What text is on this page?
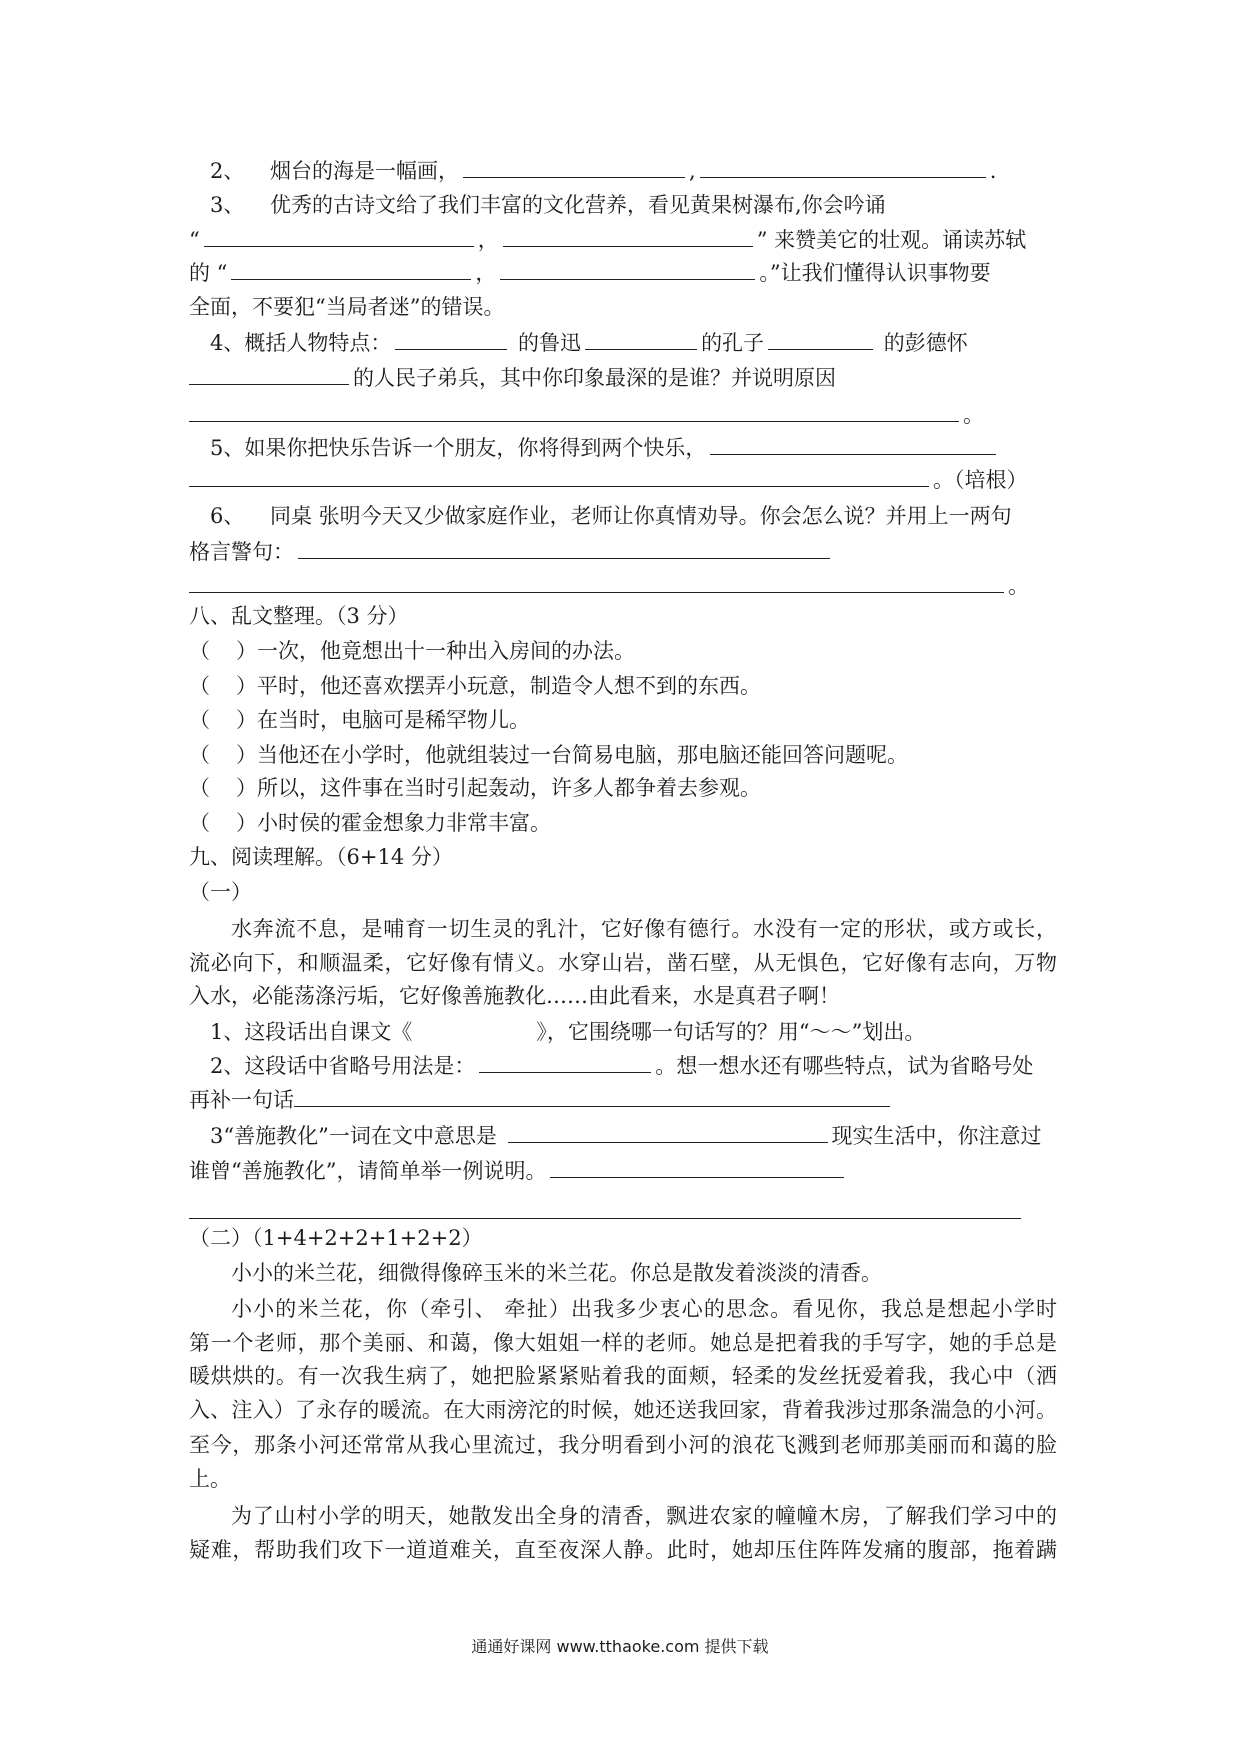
2、 烟台的海是一幅画，	,	.
3、 优秀的古诗文给了我们丰富的文化营养，看见黄果树瀑布,你会吟诵
“	，	” 来赞美它的壮观。诵读苏轼
的 “	，	。”让我们懂得认识事物要
全面，不要犯“当局者迷”的错误。
4、概括人物特点：	的鲁迅	的孔子	的彭德怀
的人民子弟兵，其中你印象最深的是谁？并说明原因
。
5、如果你把快乐告诉一个朋友，你将得到两个快乐，
。（培根）
6、 同桌 张明今天又少做家庭作业，老师让你真情劝导。你会怎么说？并用上一两句
格言警句：
。
八、乱文整理。（3 分）
（ ）一次，他竟想出十一种出入房间的办法。
（ ）平时，他还喜欢摆弄小玩意，制造令人想不到的东西。
（ ）在当时，电脑可是稀罕物儿。
（ ）当他还在小学时，他就组装过一台简易电脑，那电脑还能回答问题呢。
（ ）所以，这件事在当时引起轰动，许多人都争着去参观。
（ ）小时侯的霍金想象力非常丰富。
九、阅读理解。（6+14 分）
（一）
水奔流不息，是哺育一切生灵的乳汁，它好像有德行。水没有一定的形状，或方或长，
流必向下，和顺温柔，它好像有情义。水穿山岩，凿石壁，从无惧色，它好像有志向，万物
入水，必能荡涤污垢，它好像善施教化……由此看来，水是真君子啊！
1、这段话出自课文《	》，它围绕哪一句话写的？用“～～”划出。
2、这段话中省略号用法是：	。想一想水还有哪些特点，试为省略号处
再补一句话
3“善施教化”一词在文中意思是	现实生活中，你注意过
谁曾“善施教化”，请简单举一例说明。
（二）（1+4+2+2+1+2+2）
小小的米兰花，细微得像碎玉米的米兰花。你总是散发着淡淡的清香。
小小的米兰花，你（牵引、 牵扯）出我多少衷心的思念。看见你，我总是想起小学时
第一个老师，那个美丽、和蔼，像大姐姐一样的老师。她总是把着我的手写字，她的手总是
暖烘烘的。有一次我生病了，她把脸紧紧贴着我的面颊，轻柔的发丝抚爱着我，我心中（洒
入、注入）了永存的暖流。在大雨滂沱的时候，她还送我回家，背着我涉过那条湍急的小河。
至今，那条小河还常常从我心里流过，我分明看到小河的浪花飞溅到老师那美丽而和蔼的脸
上。
为了山村小学的明天，她散发出全身的清香，飘进农家的幢幢木房，了解我们学习中的
疑难，帮助我们攻下一道道难关，直至夜深人静。此时，她却压住阵阵发痛的腹部，拖着蹒
通通好课网 www.tthaoke.com 提供下载
